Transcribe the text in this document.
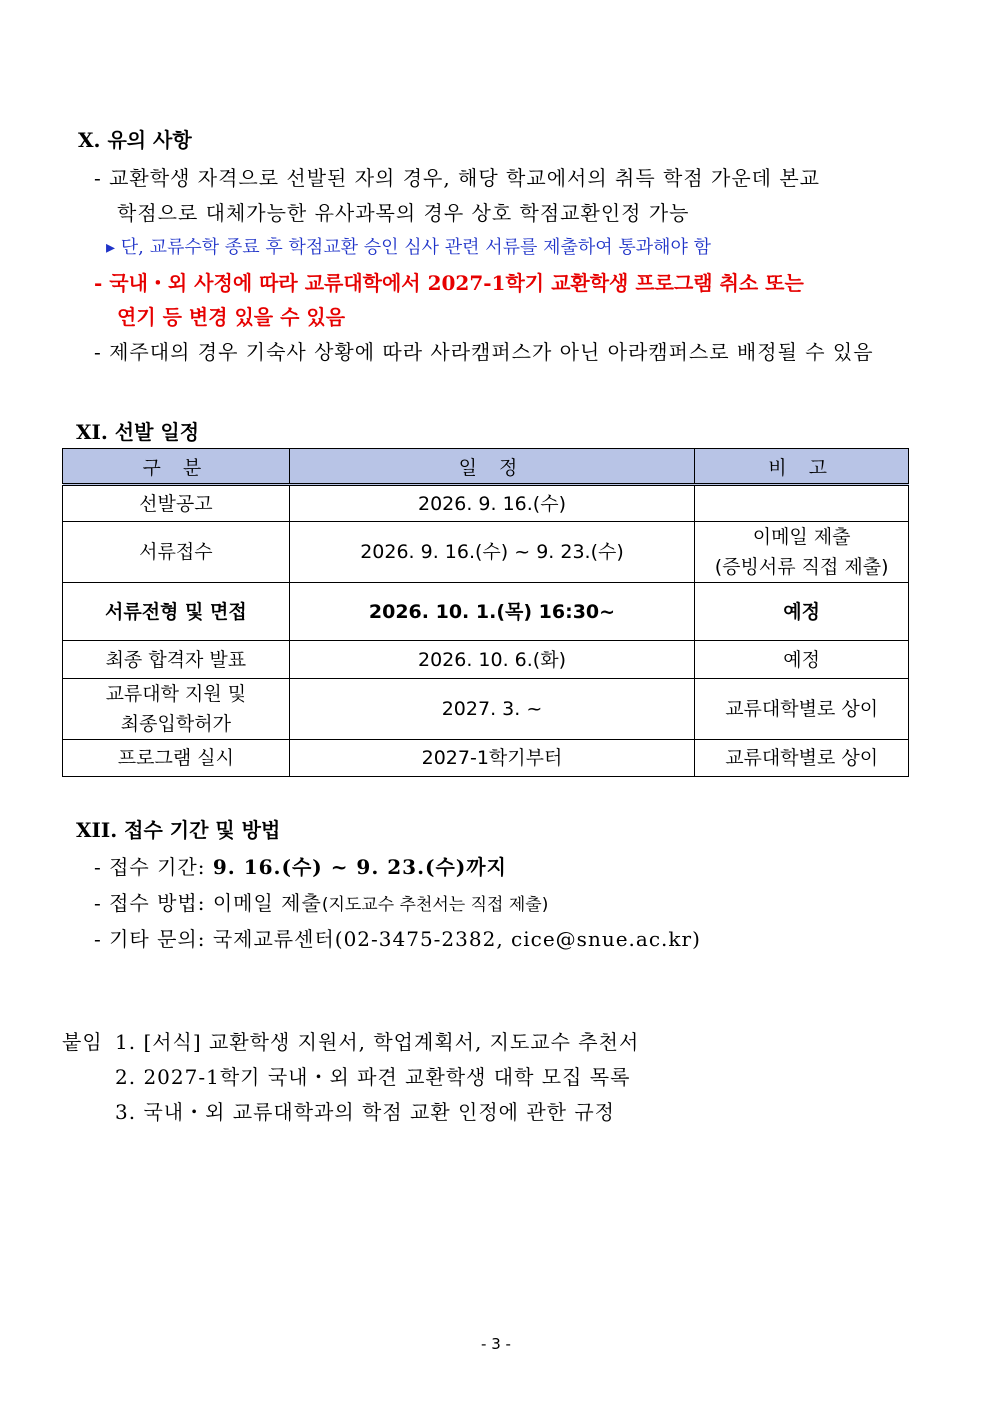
Ⅹ. 유의 사항
- 교환학생 자격으로 선발된 자의 경우, 해당 학교에서의 취득 학점 가운데 본교
학점으로 대체가능한 유사과목의 경우 상호 학점교환인정 가능
▸ 단, 교류수학 종료 후 학점교환 승인 심사 관련 서류를 제출하여 통과해야 함
- 국내・외 사정에 따라 교류대학에서 2027-1학기 교환학생 프로그램 취소 또는
연기 등 변경 있을 수 있음
- 제주대의 경우 기숙사 상황에 따라 사라캠퍼스가 아닌 아라캠퍼스로 배정될 수 있음
XI. 선발 일정
구 분	일 정	비 고
선발공고	2026. 9. 16.(수)	
서류접수	2026. 9. 16.(수) ~ 9. 23.(수)	이메일 제출
(증빙서류 직접 제출)

서류전형 및 면접	2026. 10. 1.(목) 16:30~	예정
최종 합격자 발표	2026. 10. 6.(화)	예정

교류대학 지원 및
최종입학허가	2027. 3. ~	교류대학별로 상이
프로그램 실시	2027-1학기부터	교류대학별로 상이
XII. 접수 기간 및 방법
- 접수 기간: 9. 16.(수) ~ 9. 23.(수)까지
- 접수 방법: 이메일 제출(지도교수 추천서는 직접 제출)
- 기타 문의: 국제교류센터(02-3475-2382, cice@snue.ac.kr)
붙임 1. [서식] 교환학생 지원서, 학업계획서, 지도교수 추천서
2. 2027-1학기 국내・외 파견 교환학생 대학 모집 목록
3. 국내・외 교류대학과의 학점 교환 인정에 관한 규정
- 3 -
